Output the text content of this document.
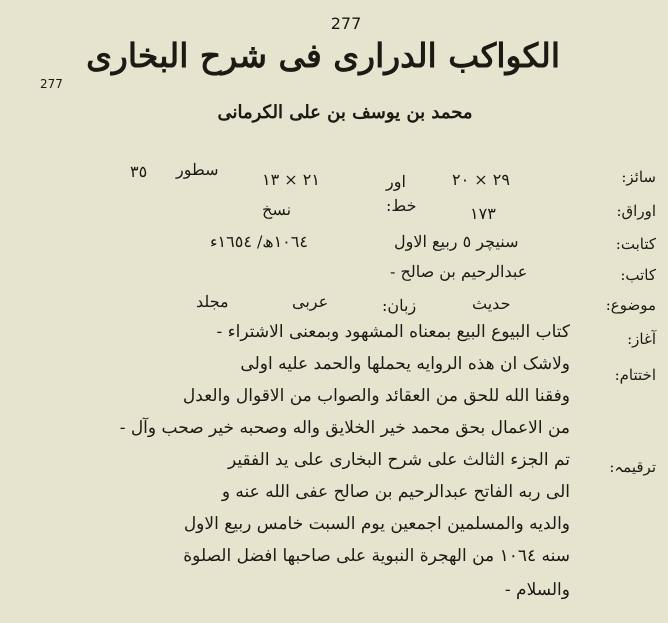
277
277
الكواكب الدرارى فى شرح البخارى
محمد بن يوسف بن على الكرمانى
سائز:
٢٩ × ٢٠
اور
٢١ × ١٣
سطور
٣٥
اوراق:
١٧٣
خط:
نسخ
کتابت:
سنیچر ٥ ربیع الاول
١٠٦٤ھ/ ١٦٥٤ء
کاتب:
عبدالرحیم بن صالح -
موضوع:
حدیث
زبان:
عربی
مجلد
آغاز:
کتاب البیوع البیع بمعناه المشهود وبمعنی الاشتراء -
اختتام:
ولاشک ان هذه الروایه یحملها والحمد علیه اولی
وفقنا الله للحق من العقائد والصواب من الاقوال والعدل
من الاعمال بحق محمد خیر الخلایق واله وصحبه خیر صحب وآل -
ترقیمہ:
تم الجزء الثالث علی شرح البخاری علی ید الفقیر
الی ربه الفاتح عبدالرحیم بن صالح عفی الله عنه و
والدیه والمسلمین اجمعین یوم السبت خامس ربیع الاول
سنه ١٠٦٤ من الهجرة النبویة علی صاحبها افضل الصلوة
والسلام -
